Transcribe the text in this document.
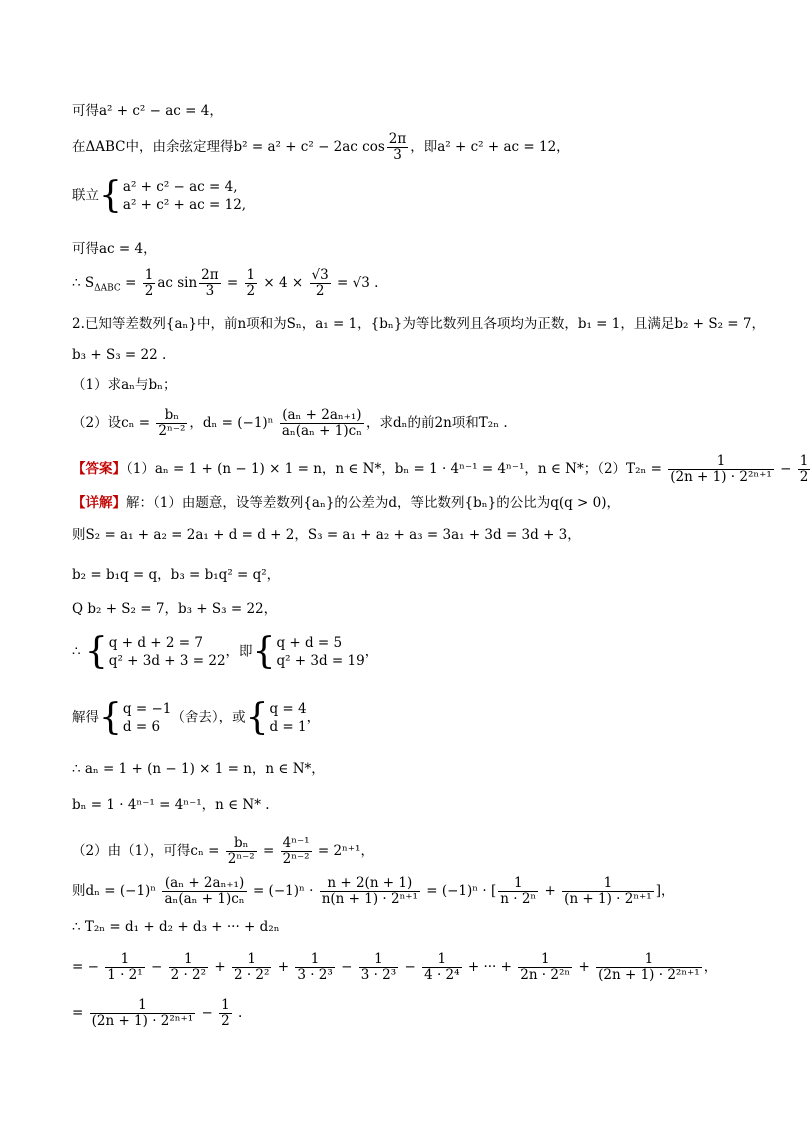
可得a² + c² − ac = 4，
在ΔABC中，由余弦定理得b² = a² + c² − 2ac $\cos \frac{2\pi}{3}$ ，即a² + c² + ac = 12，
联立{ a² + c² − ac = 4,
a² + c² + ac = 12,
可得ac = 4，
∴ $S_{\Delta ABC} = \frac{1}{2}$ ac $\sin \frac{2\pi}{3} = \frac{1}{2} \times 4 \times \frac{√3}{2} = √3$ .
2.已知等差数列{aₙ}中，前n项和为Sₙ，a₁ = 1，{bₙ}为等比数列且各项均为正数，b₁ = 1，且满足b₂ + S₂ = 7，
b₃ + S₃ = 22 .
（1）求aₙ与bₙ；
（2）设$c_n = \frac{\text{bₙ}}{\text{2ⁿ⁻²}}$ ，$d_n = (-1)^n \frac{\text{(aₙ + 2aₙ₊₁)}}{\text{aₙ(aₙ + 1)cₙ}}$ ，求dₙ的前2n项和T₂ₙ .
【答案】（1）aₙ = 1 + (n − 1) × 1 = n，n ∈ N*，bₙ = 1 · 4ⁿ⁻¹ = 4ⁿ⁻¹，n ∈ N*；$(2)T_{2n} = \frac{1}{\text{(2n + 1) · 2²ⁿ⁺¹}} - \frac{1}{2}$
【详解】解：（1）由题意，设等差数列{aₙ}的公差为d，等比数列{bₙ}的公比为q(q > 0)，
则S₂ = a₁ + a₂ = 2a₁ + d = d + 2，S₃ = a₁ + a₂ + a₃ = 3a₁ + 3d = 3d + 3，
b₂ = b₁q = q，b₃ = b₁q² = q²，
Q b₂ + S₂ = 7，b₃ + S₃ = 22，
∴ { q + d + 2 = 7
q² + 3d + 3 = 22
，即{ q + d = 5
q² + 3d = 19
，
解得{ q = −1
d = 6
（舍去），或{ q = 4
d = 1
，
∴ aₙ = 1 + (n − 1) × 1 = n，n ∈ N*，
bₙ = 1 · 4ⁿ⁻¹ = 4ⁿ⁻¹，n ∈ N* .
（2）由（1），可得$c_n = \frac{\text{bₙ}}{\text{2ⁿ⁻²}} = \frac{\text{4ⁿ⁻¹}}{\text{2ⁿ⁻²}} = 2^{n+1}$，
则$d_n = (-1)^n \frac{\text{(aₙ + 2aₙ₊₁)}}{\text{aₙ(aₙ + 1)cₙ}} = (-1)^n \cdot \frac{n + 2(n + 1)}{\text{n(n + 1) · 2ⁿ⁺¹}} = (-1)^n$ · [ $\frac{1}{\text{n · 2ⁿ}} + \frac{1}{\text{(n + 1) · 2ⁿ⁺¹}}$ ]，
∴ T₂ₙ = d₁ + d₂ + d₃ + ··· + d₂ₙ
= − $\frac{1}{\text{1 · 2¹}} - \frac{1}{\text{2 · 2²}} + \frac{1}{\text{2 · 2²}} + \frac{1}{\text{3 · 2³}} - \frac{1}{\text{3 · 2³}} - \frac{1}{\text{4 · 2⁴}}$ + ··· + $\frac{1}{\text{2n · 2²ⁿ}} + \frac{1}{\text{(2n + 1) · 2²ⁿ⁺¹}}$ ，
= $\frac{1}{\text{(2n + 1) · 2²ⁿ⁺¹}} - \frac{1}{2}$ .
